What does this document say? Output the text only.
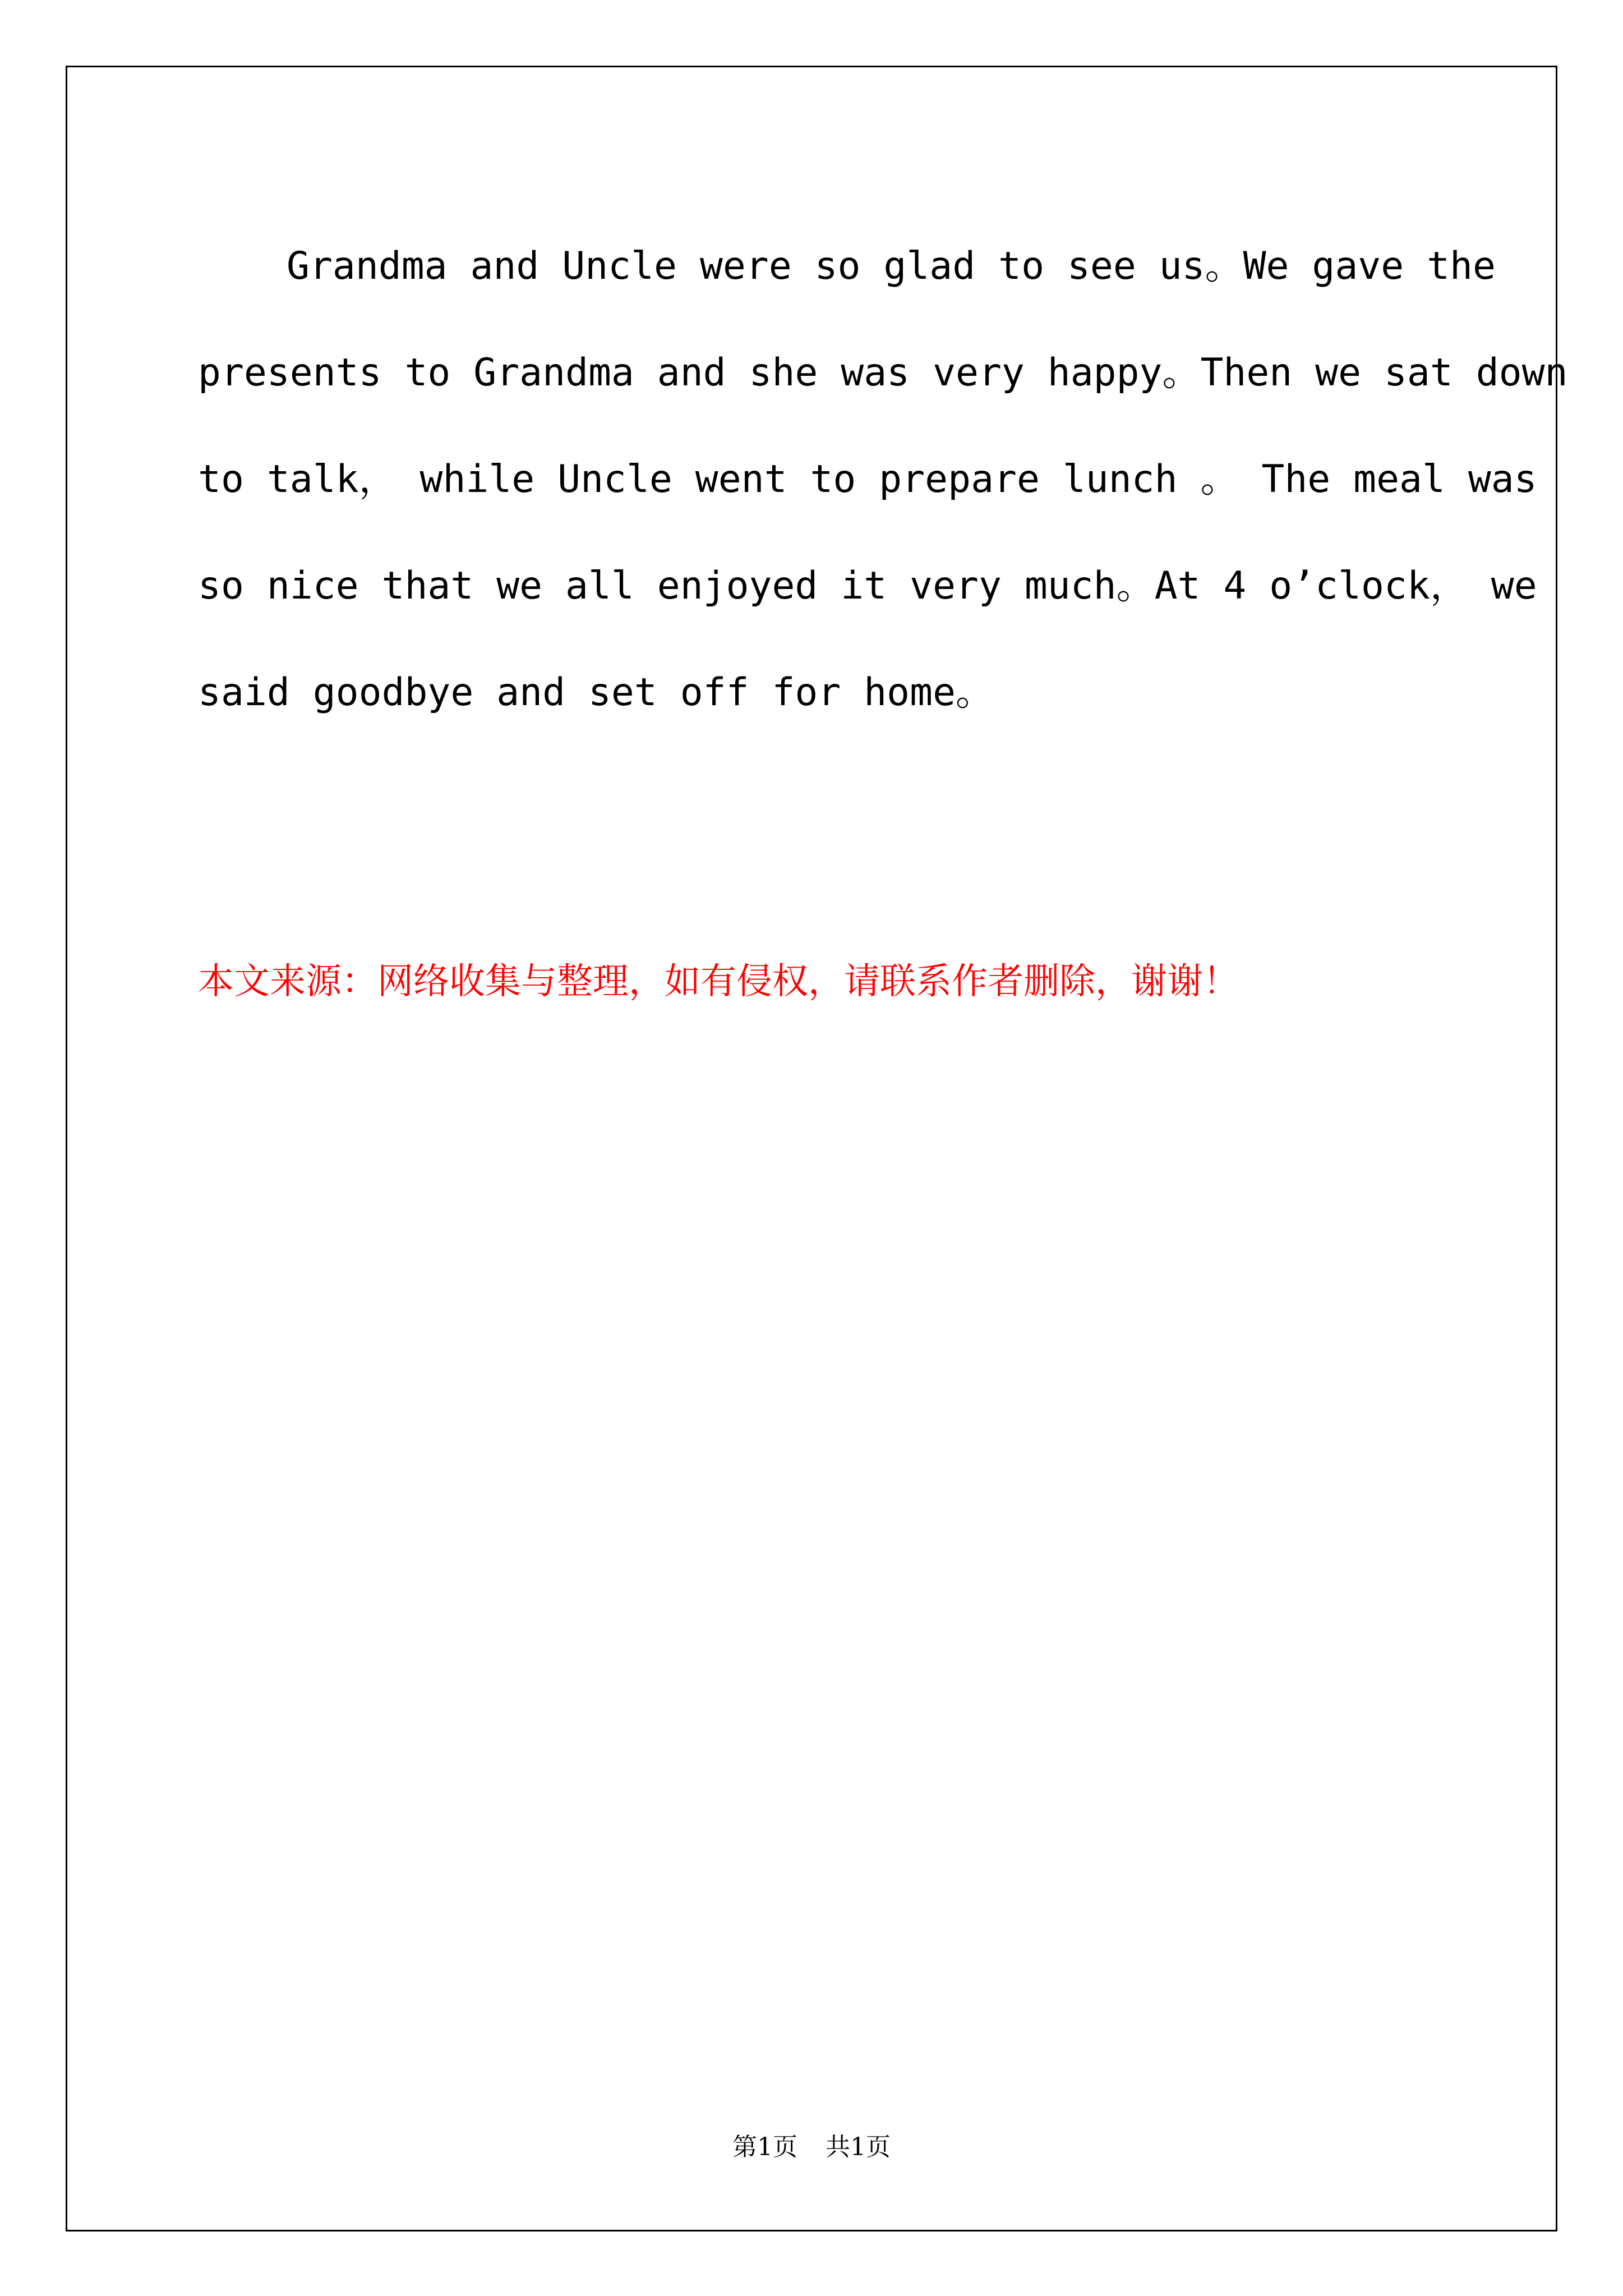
Grandma and Uncle were so glad to see us。We gave the
presents to Grandma and she was very happy。Then we sat down
to talk， while Uncle went to prepare lunch 。 The meal was
so nice that we all enjoyed it very much。At 4 o’clock， we
said goodbye and set off for home。
本文来源：网络收集与整理，如有侵权，请联系作者删除，谢谢！
第1页 共1页
